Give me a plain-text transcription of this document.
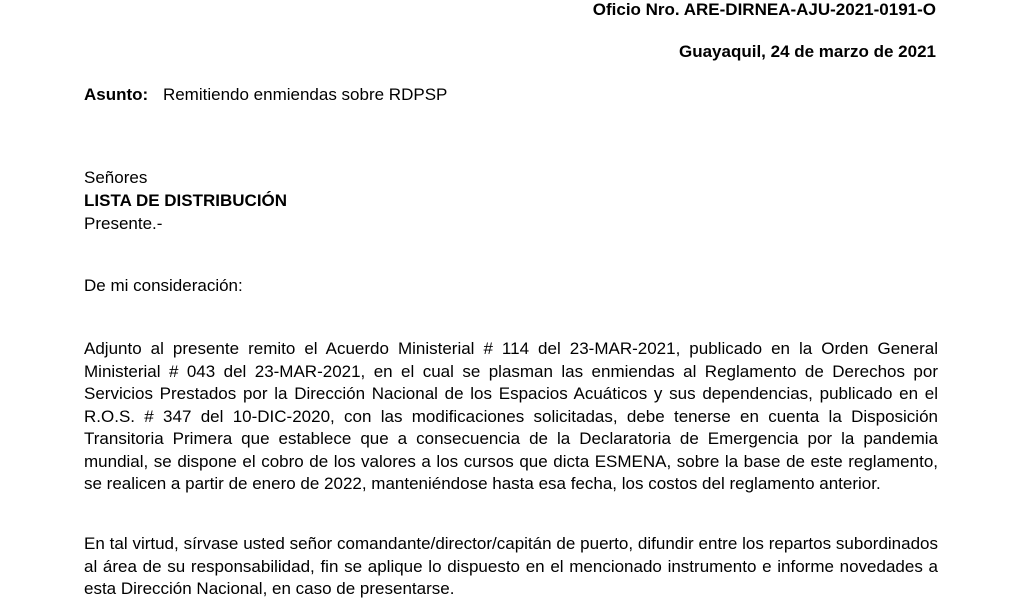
Oficio Nro. ARE-DIRNEA-AJU-2021-0191-O
Guayaquil, 24 de marzo de 2021
Asunto: Remitiendo enmiendas sobre RDPSP
Señores
LISTA DE DISTRIBUCIÓN
Presente.-
De mi consideración:
Adjunto al presente remito el Acuerdo Ministerial # 114 del 23-MAR-2021, publicado en la Orden General Ministerial # 043 del 23-MAR-2021, en el cual se plasman las enmiendas al Reglamento de Derechos por Servicios Prestados por la Dirección Nacional de los Espacios Acuáticos y sus dependencias, publicado en el R.O.S. # 347 del 10-DIC-2020, con las modificaciones solicitadas, debe tenerse en cuenta la Disposición Transitoria Primera que establece que a consecuencia de la Declaratoria de Emergencia por la pandemia mundial, se dispone el cobro de los valores a los cursos que dicta ESMENA, sobre la base de este reglamento, se realicen a partir de enero de 2022, manteniéndose hasta esa fecha, los costos del reglamento anterior.
En tal virtud, sírvase usted señor comandante/director/capitán de puerto, difundir entre los repartos subordinados al área de su responsabilidad, fin se aplique lo dispuesto en el mencionado instrumento e informe novedades a esta Dirección Nacional, en caso de presentarse.
